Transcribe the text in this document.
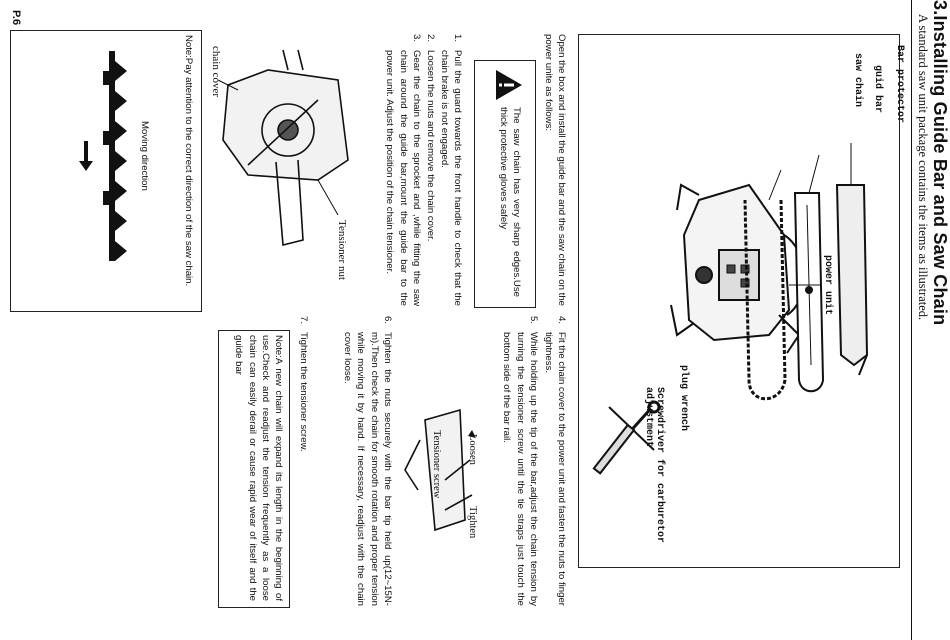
3.Installing Guide Bar and Saw Chain
A standard saw unit package contains the items as illustrated.
Bar protector
guid bar
saw chain
power unit
plug wrench
Screwdriver for carburetor adjustment
Open the box and install the guide bar and the saw chain on the power unite as follows:
The saw chain has very sharp edges.Use thick protective gloves safely
1.
Pull the guard towards the front handle to check that the chain brake is not engaged.
2.
Loosen the nuts and remove the chain cover.
3.
Gear the chain to the sprocket and ,while fitting the saw chain around the guide bar,mount the guide bar to the power unit. Adjust the position of the chain tensioner.
Tensioner nut
chain cover
Note:Pay attention to the correct direction of the saw chain.
Moving direction
4.
Fit the chain cover to the power unit and fasten the nuts to finger tightness.
5.
While holding up the tip of the bar,adjust the chain tension by turning the tensioner screw until the tie straps just touch the bottom side of the bar rail.
Loosen
Tighten
Tensioner screw
6.
Tighten the nuts securely with the bar tip held up(12~15N-m).Then check the chain for smooth rotation and proper tension while moving it by hand. If necessary, readjust with the chain cover loose.
7.
Tighten the tensioner screw.
Note:A new chain will expand its length in the beginning of use.Check and readjust the tension frequently as a loose chain can easily derail or cause rapid wear of itself and the guide bar
P.6
